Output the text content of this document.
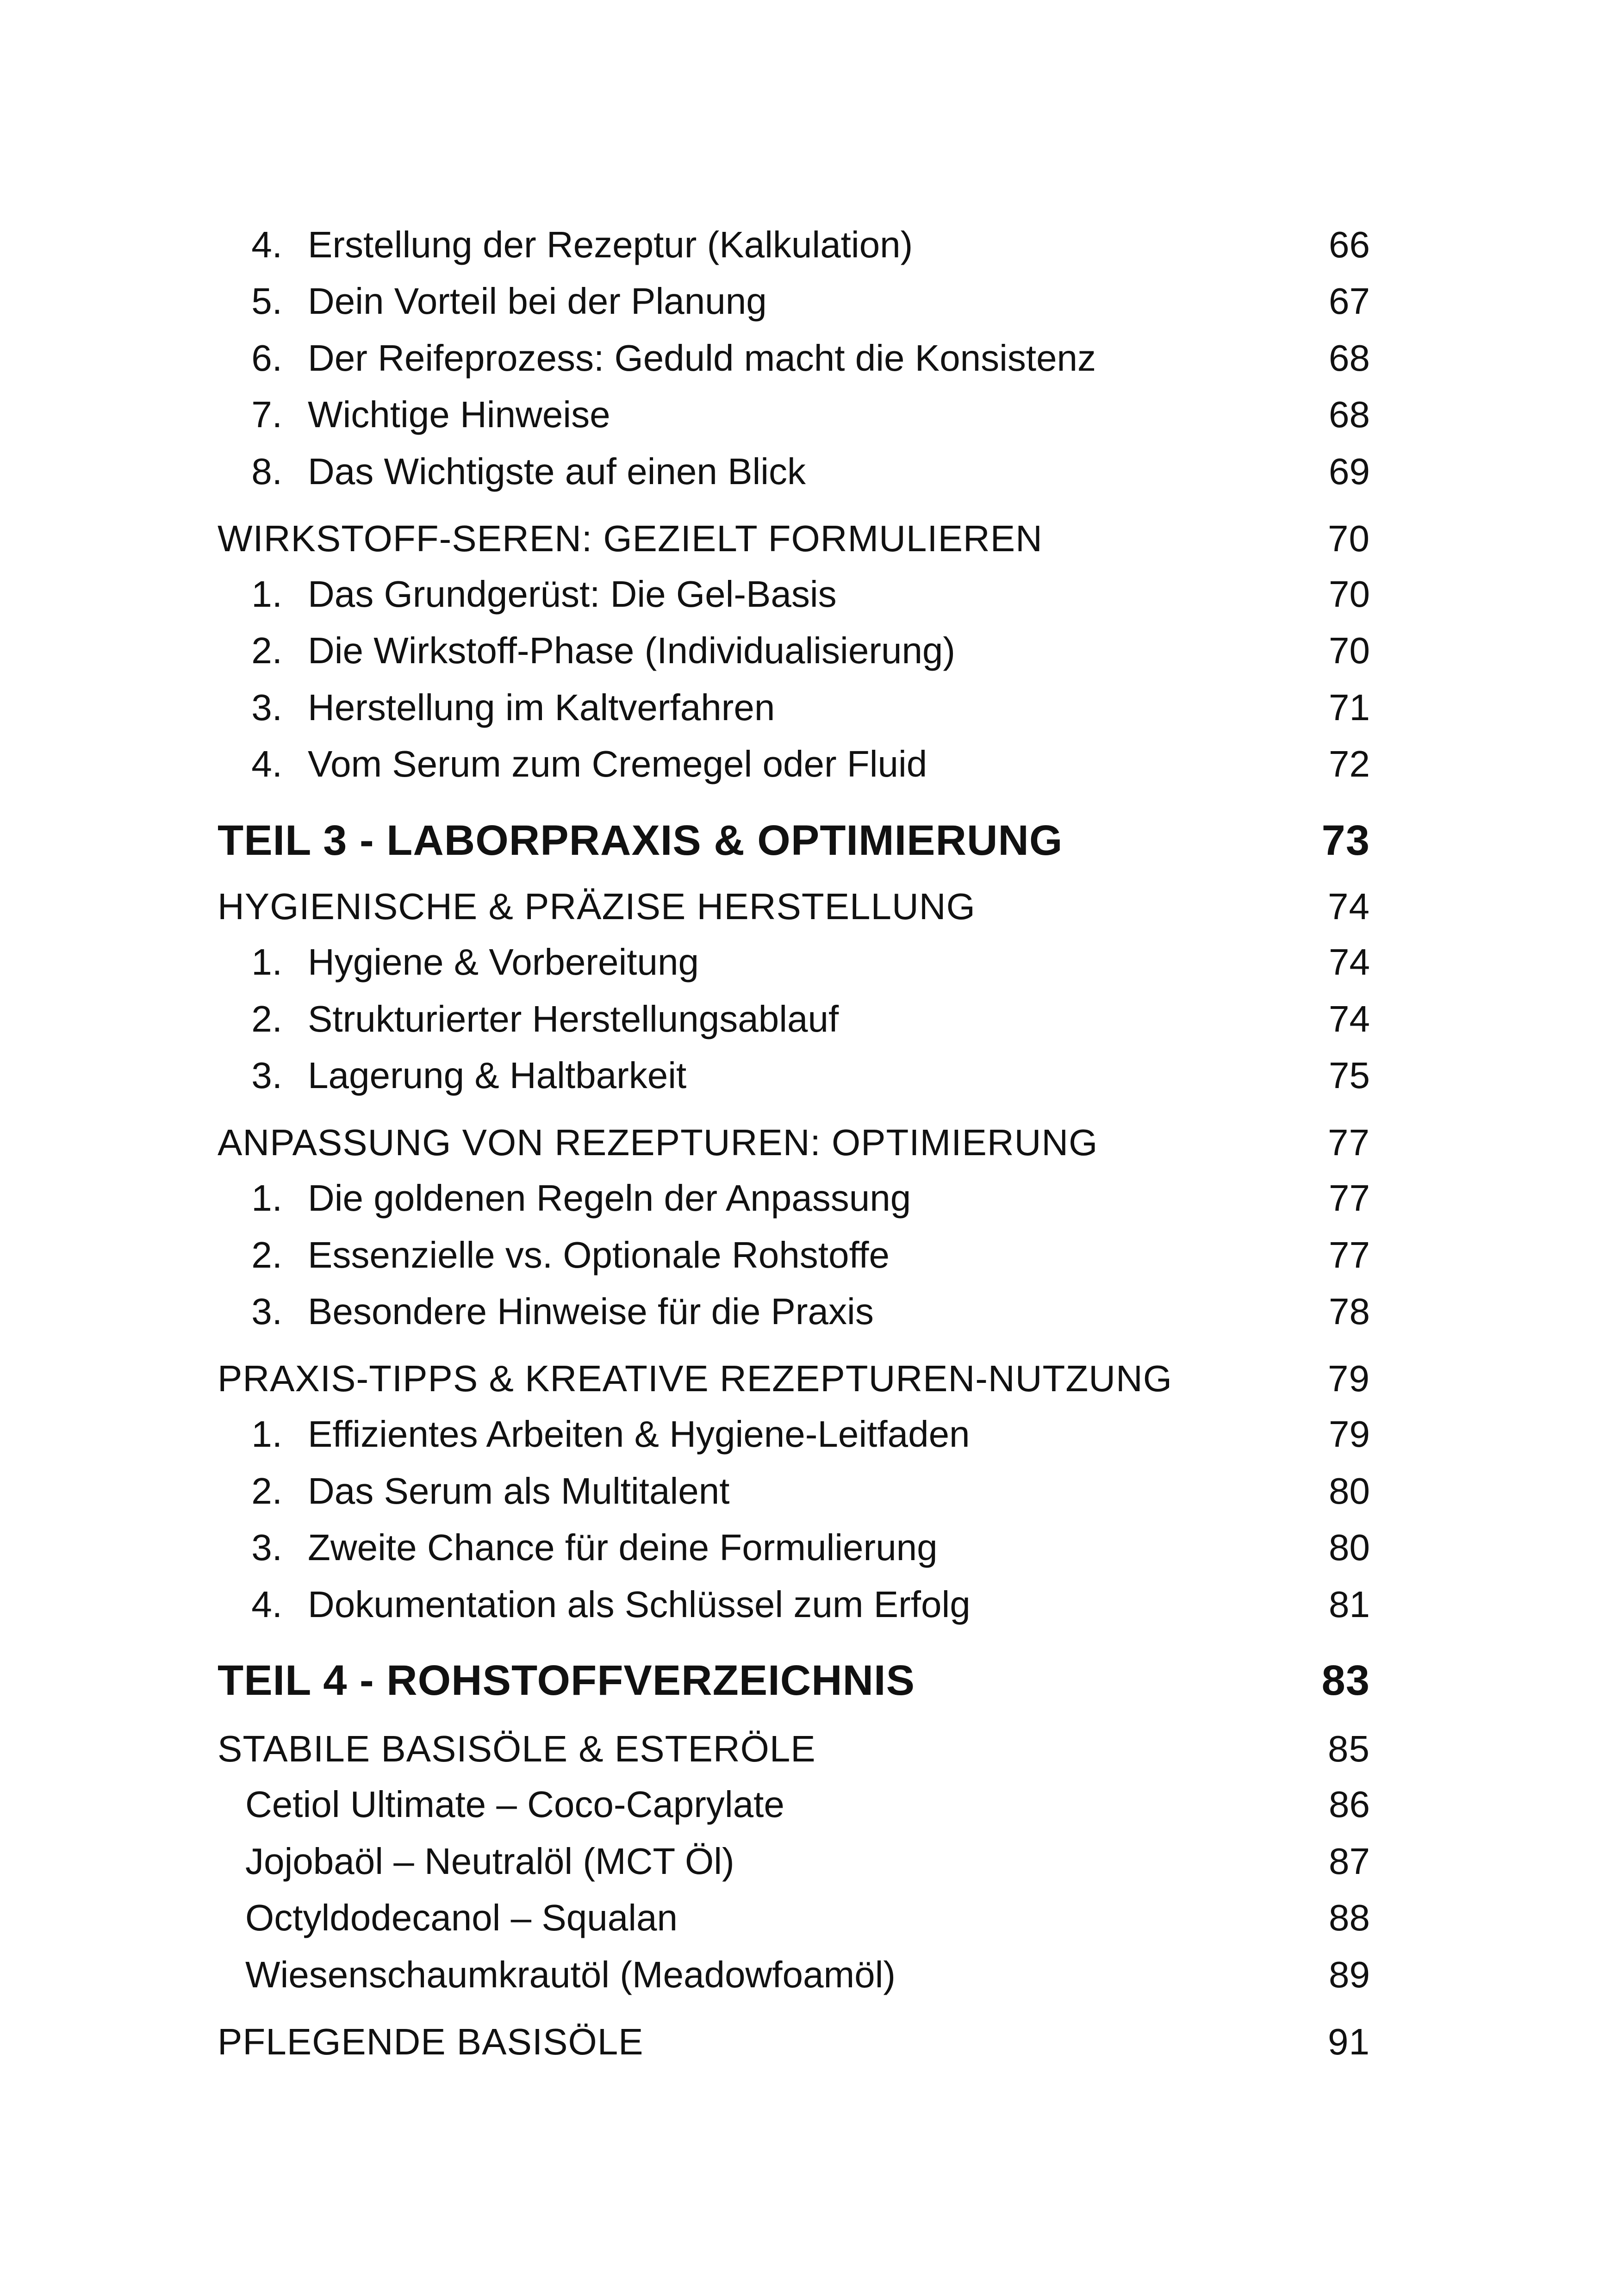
4. Erstellung der Rezeptur (Kalkulation)	66
5. Dein Vorteil bei der Planung	67
6. Der Reifeprozess: Geduld macht die Konsistenz	68
7. Wichtige Hinweise	68
8. Das Wichtigste auf einen Blick	69
WIRKSTOFF-SEREN: GEZIELT FORMULIEREN	70
1. Das Grundgerüst: Die Gel-Basis	70
2. Die Wirkstoff-Phase (Individualisierung)	70
3. Herstellung im Kaltverfahren	71
4. Vom Serum zum Cremegel oder Fluid	72
TEIL 3 - LABORPRAXIS & OPTIMIERUNG	73
HYGIENISCHE & PRÄZISE HERSTELLUNG	74
1. Hygiene & Vorbereitung	74
2. Strukturierter Herstellungsablauf	74
3. Lagerung & Haltbarkeit	75
ANPASSUNG VON REZEPTUREN: OPTIMIERUNG	77
1. Die goldenen Regeln der Anpassung	77
2. Essenzielle vs. Optionale Rohstoffe	77
3. Besondere Hinweise für die Praxis	78
PRAXIS-TIPPS & KREATIVE REZEPTUREN-NUTZUNG	79
1. Effizientes Arbeiten & Hygiene-Leitfaden	79
2. Das Serum als Multitalent	80
3. Zweite Chance für deine Formulierung	80
4. Dokumentation als Schlüssel zum Erfolg	81
TEIL 4 - ROHSTOFFVERZEICHNIS	83
STABILE BASISÖLE & ESTERÖLE	85
Cetiol Ultimate – Coco-Caprylate	86
Jojobaöl – Neutralöl (MCT Öl)	87
Octyldodecanol – Squalan	88
Wiesenschaumkrautöl (Meadowfoamöl)	89
PFLEGENDE BASISÖLE	91
